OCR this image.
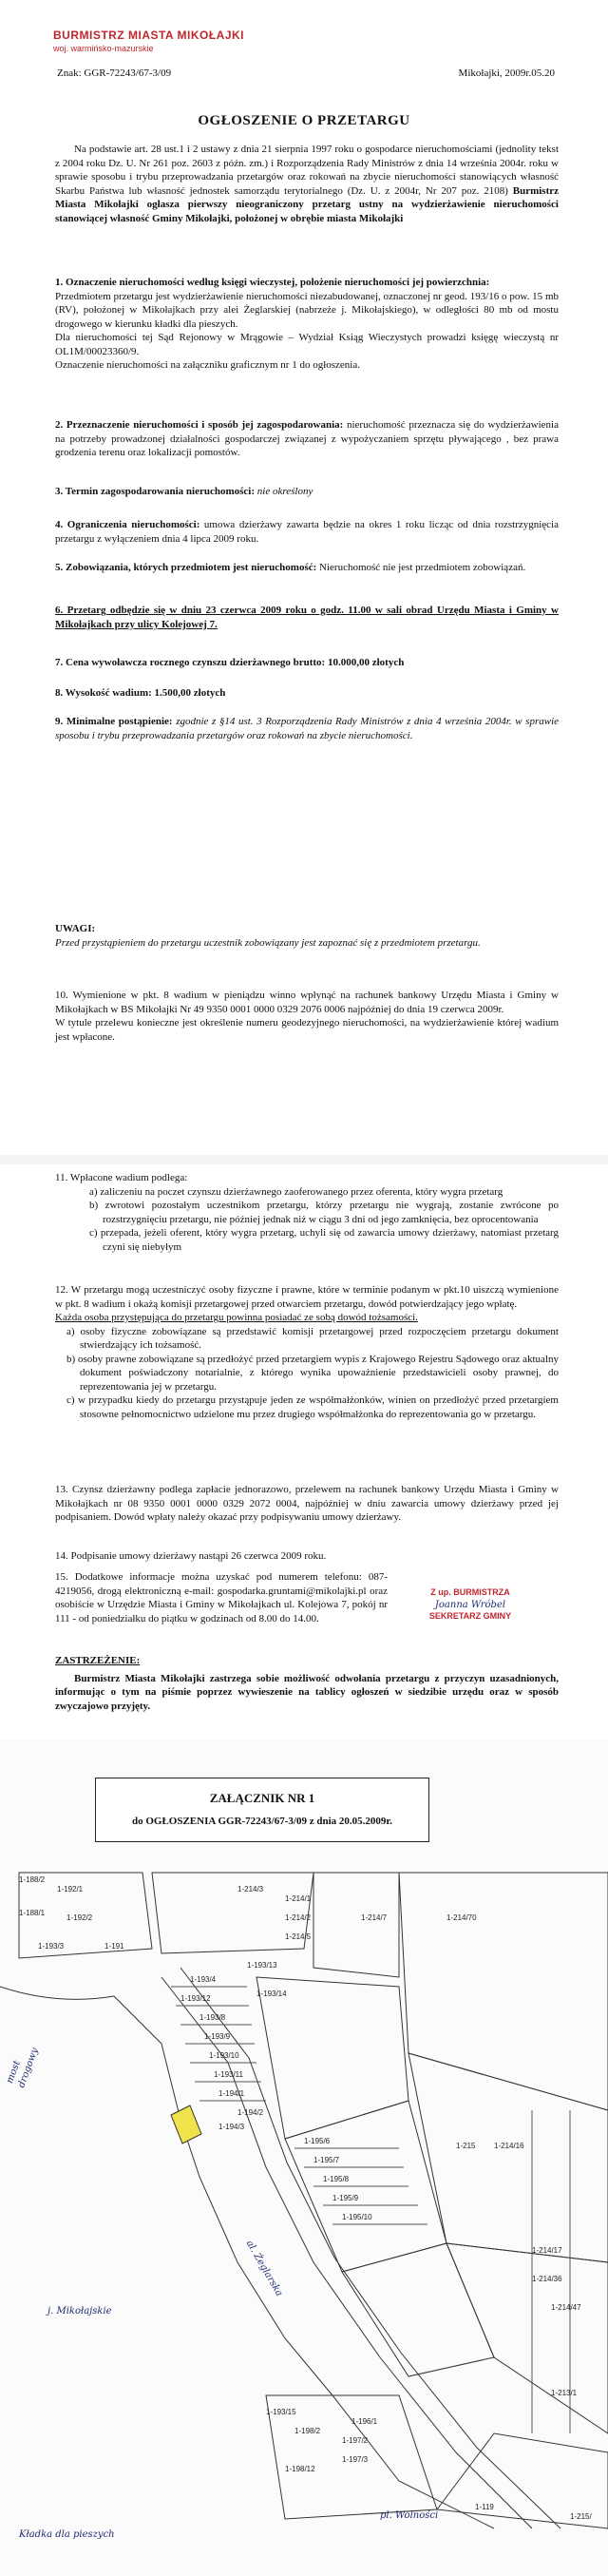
BURMISTRZ MIASTA MIKOŁAJKI
woj. warmińsko-mazurskie
Znak: GGR-72243/67-3/09	Mikołajki, 2009r.05.20
OGŁOSZENIE O PRZETARGU
Na podstawie art. 28 ust.1 i 2 ustawy z dnia 21 sierpnia 1997 roku o gospodarce nieruchomościami (jednolity tekst z 2004 roku Dz. U. Nr 261 poz. 2603 z późn. zm.) i Rozporządzenia Rady Ministrów z dnia 14 września 2004r. roku w sprawie sposobu i trybu przeprowadzania przetargów oraz rokowań na zbycie nieruchomości stanowiących własność Skarbu Państwa lub własność jednostek samorządu terytorialnego (Dz. U. z 2004r, Nr 207 poz. 2108) Burmistrz Miasta Mikołajki ogłasza pierwszy nieograniczony przetarg ustny na wydzierżawienie nieruchomości stanowiącej własność Gminy Mikołajki, położonej w obrębie miasta Mikołajki
1. Oznaczenie nieruchomości według księgi wieczystej, położenie nieruchomości jej powierzchnia:
Przedmiotem przetargu jest wydzierżawienie nieruchomości niezabudowanej, oznaczonej nr geod. 193/16 o pow. 15 mb (RV), położonej w Mikołajkach przy alei Żeglarskiej (nabrzeże j. Mikołajskiego), w odległości 80 mb od mostu drogowego w kierunku kładki dla pieszych.
Dla nieruchomości tej Sąd Rejonowy w Mrągowie – Wydział Ksiąg Wieczystych prowadzi księgę wieczystą nr OL1M/00023360/9.
Oznaczenie nieruchomości na załączniku graficznym nr 1 do ogłoszenia.
2. Przeznaczenie nieruchomości i sposób jej zagospodarowania: nieruchomość przeznacza się do wydzierżawienia na potrzeby prowadzonej działalności gospodarczej związanej z wypożyczaniem sprzętu pływającego , bez prawa grodzenia terenu oraz lokalizacji pomostów.
3. Termin zagospodarowania nieruchomości: nie określony
4. Ograniczenia nieruchomości: umowa dzierżawy zawarta będzie na okres 1 roku licząc od dnia rozstrzygnięcia przetargu z wyłączeniem dnia 4 lipca 2009 roku.
5. Zobowiązania, których przedmiotem jest nieruchomość: Nieruchomość nie jest przedmiotem zobowiązań.
6. Przetarg odbędzie się w dniu 23 czerwca 2009 roku o godz. 11.00 w sali obrad Urzędu Miasta i Gminy w Mikołajkach przy ulicy Kolejowej 7.
7. Cena wywoławcza rocznego czynszu dzierżawnego brutto: 10.000,00 złotych
8. Wysokość wadium: 1.500,00 złotych
9. Minimalne postąpienie: zgodnie z §14 ust. 3 Rozporządzenia Rady Ministrów z dnia 4 września 2004r. w sprawie sposobu i trybu przeprowadzania przetargów oraz rokowań na zbycie nieruchomości.
UWAGI:
Przed przystąpieniem do przetargu uczestnik zobowiązany jest zapoznać się z przedmiotem przetargu.
10. Wymienione w pkt. 8 wadium w pieniądzu winno wpłynąć na rachunek bankowy Urzędu Miasta i Gminy w Mikołajkach w BS Mikołajki Nr 49 9350 0001 0000 0329 2076 0006 najpóźniej do dnia 19 czerwca 2009r.
W tytule przelewu konieczne jest określenie numeru geodezyjnego nieruchomości, na wydzierżawienie której wadium jest wpłacone.
11. Wpłacone wadium podlega:
a) zaliczeniu na poczet czynszu dzierżawnego zaoferowanego przez oferenta, który wygra przetarg
b) zwrotowi pozostałym uczestnikom przetargu, którzy przetargu nie wygrają, zostanie zwrócone po rozstrzygnięciu przetargu, nie później jednak niż w ciągu 3 dni od jego zamknięcia, bez oprocentowania
c) przepada, jeżeli oferent, który wygra przetarg, uchyli się od zawarcia umowy dzierżawy, natomiast przetarg czyni się niebyłym
12. W przetargu mogą uczestniczyć osoby fizyczne i prawne, które w terminie podanym w pkt.10 uiszczą wymienione w pkt. 8 wadium i okażą komisji przetargowej przed otwarciem przetargu, dowód potwierdzający jego wpłatę.
Każda osoba przystępująca do przetargu powinna posiadać ze sobą dowód tożsamości.
a) osoby fizyczne zobowiązane są przedstawić komisji przetargowej przed rozpoczęciem przetargu dokument stwierdzający ich tożsamość.
b) osoby prawne zobowiązane są przedłożyć przed przetargiem wypis z Krajowego Rejestru Sądowego oraz aktualny dokument poświadczony notarialnie, z którego wynika upoważnienie przedstawicieli osoby prawnej, do reprezentowania jej w przetargu.
c) w przypadku kiedy do przetargu przystąpuje jeden ze współmałżonków, winien on przedłożyć przed przetargiem stosowne pełnomocnictwo udzielone mu przez drugiego współmałżonka do reprezentowania go w przetargu.
13. Czynsz dzierżawny podlega zapłacie jednorazowo, przelewem na rachunek bankowy Urzędu Miasta i Gminy w Mikołajkach nr 08 9350 0001 0000 0329 2072 0004, najpóźniej w dniu zawarcia umowy dzierżawy przed jej podpisaniem. Dowód wpłaty należy okazać przy podpisywaniu umowy dzierżawy.
14. Podpisanie umowy dzierżawy nastąpi 26 czerwca 2009 roku.
15. Dodatkowe informacje można uzyskać pod numerem telefonu: 087-4219056, drogą elektroniczną e-mail: gospodarka.gruntami@mikolajki.pl oraz osobiście w Urzędzie Miasta i Gminy w Mikołajkach ul. Kolejowa 7, pokój nr 111 - od poniedziałku do piątku w godzinach od 8.00 do 14.00.
Z up. BURMISTRZA
Joanna Wróbel
SEKRETARZ GMINY
ZASTRZEŻENIE:
Burmistrz Miasta Mikołajki zastrzega sobie możliwość odwołania przetargu z przyczyn uzasadnionych, informując o tym na piśmie poprzez wywieszenie na tablicy ogłoszeń w siedzibie urzędu oraz w sposób zwyczajowo przyjęty.
ZAŁĄCZNIK NR 1
do OGŁOSZENIA GGR-72243/67-3/09 z dnia 20.05.2009r.
1-192/1
1-192/2
1-193/3	1-191
1-193/4
1-193/8
1-193/9
1-193/10
1-193/11
1-193/12
1-193/13
1-193/14
1-194/1
1-194/2
1-194/3
1-195/6
1-195/7
1-195/8
1-195/9
1-195/10
1-214/1
1-214/2
1-214/3
1-214/5
1-214/7	1-214/70
1-214/16
1-214/17
1-214/36
1-214/47
1-215
1-213/1
1-198/2
1-198/12
1-193/15
1-197/2
1-197/3
1-196/1
1-119
1-215/
1-188/2
1-188/1
most drogowy
j. Mikołajskie
al. Żeglarska
Kładka dla pieszych
pl. Wolności
